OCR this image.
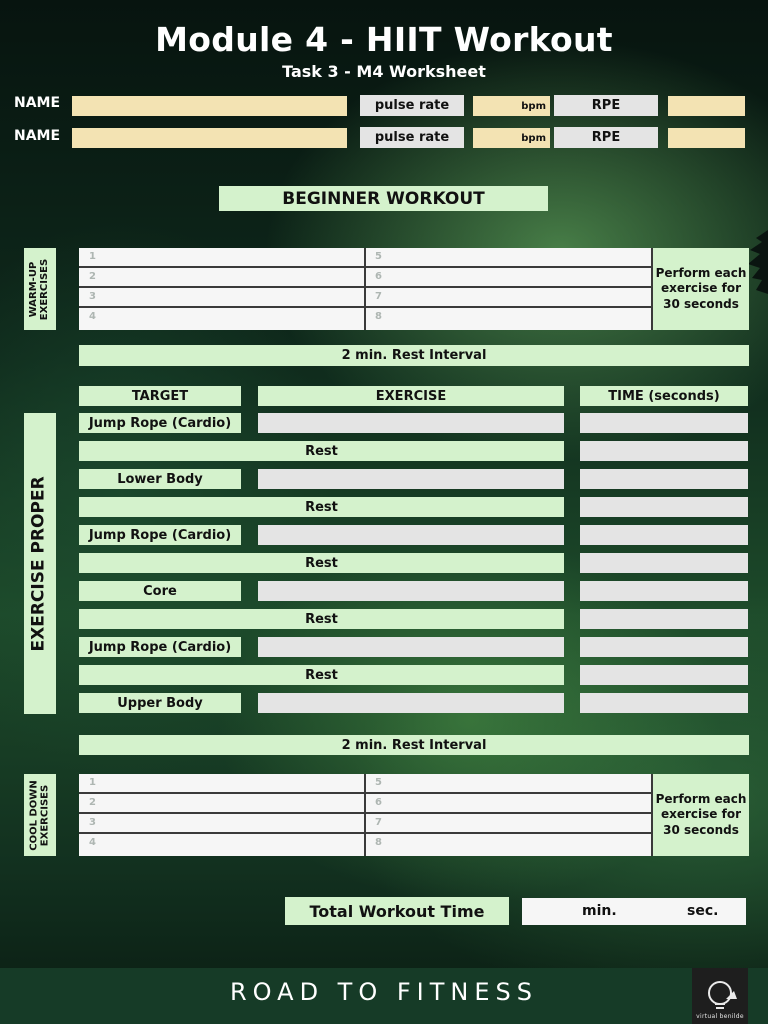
Module 4 - HIIT Workout
Task 3 - M4 Worksheet
NAME	pulse rate	bpm	RPE
NAME	pulse rate	bpm	RPE
BEGINNER WORKOUT
WARM-UP
EXERCISES
1	5
2	6
3	7
4	8
Perform each exercise for 30 seconds
2 min. Rest Interval
EXERCISE PROPER
TARGET	EXERCISE	TIME (seconds)
Jump Rope (Cardio)
Rest
Lower Body
Rest
Jump Rope (Cardio)
Rest
Core
Rest
Jump Rope (Cardio)
Rest
Upper Body
2 min. Rest Interval
COOL DOWN
EXERCISES
1	5
2	6
3	7
4	8
Perform each exercise for 30 seconds
Total Workout Time	min.	sec.
ROAD TO FITNESS
virtual benilde
